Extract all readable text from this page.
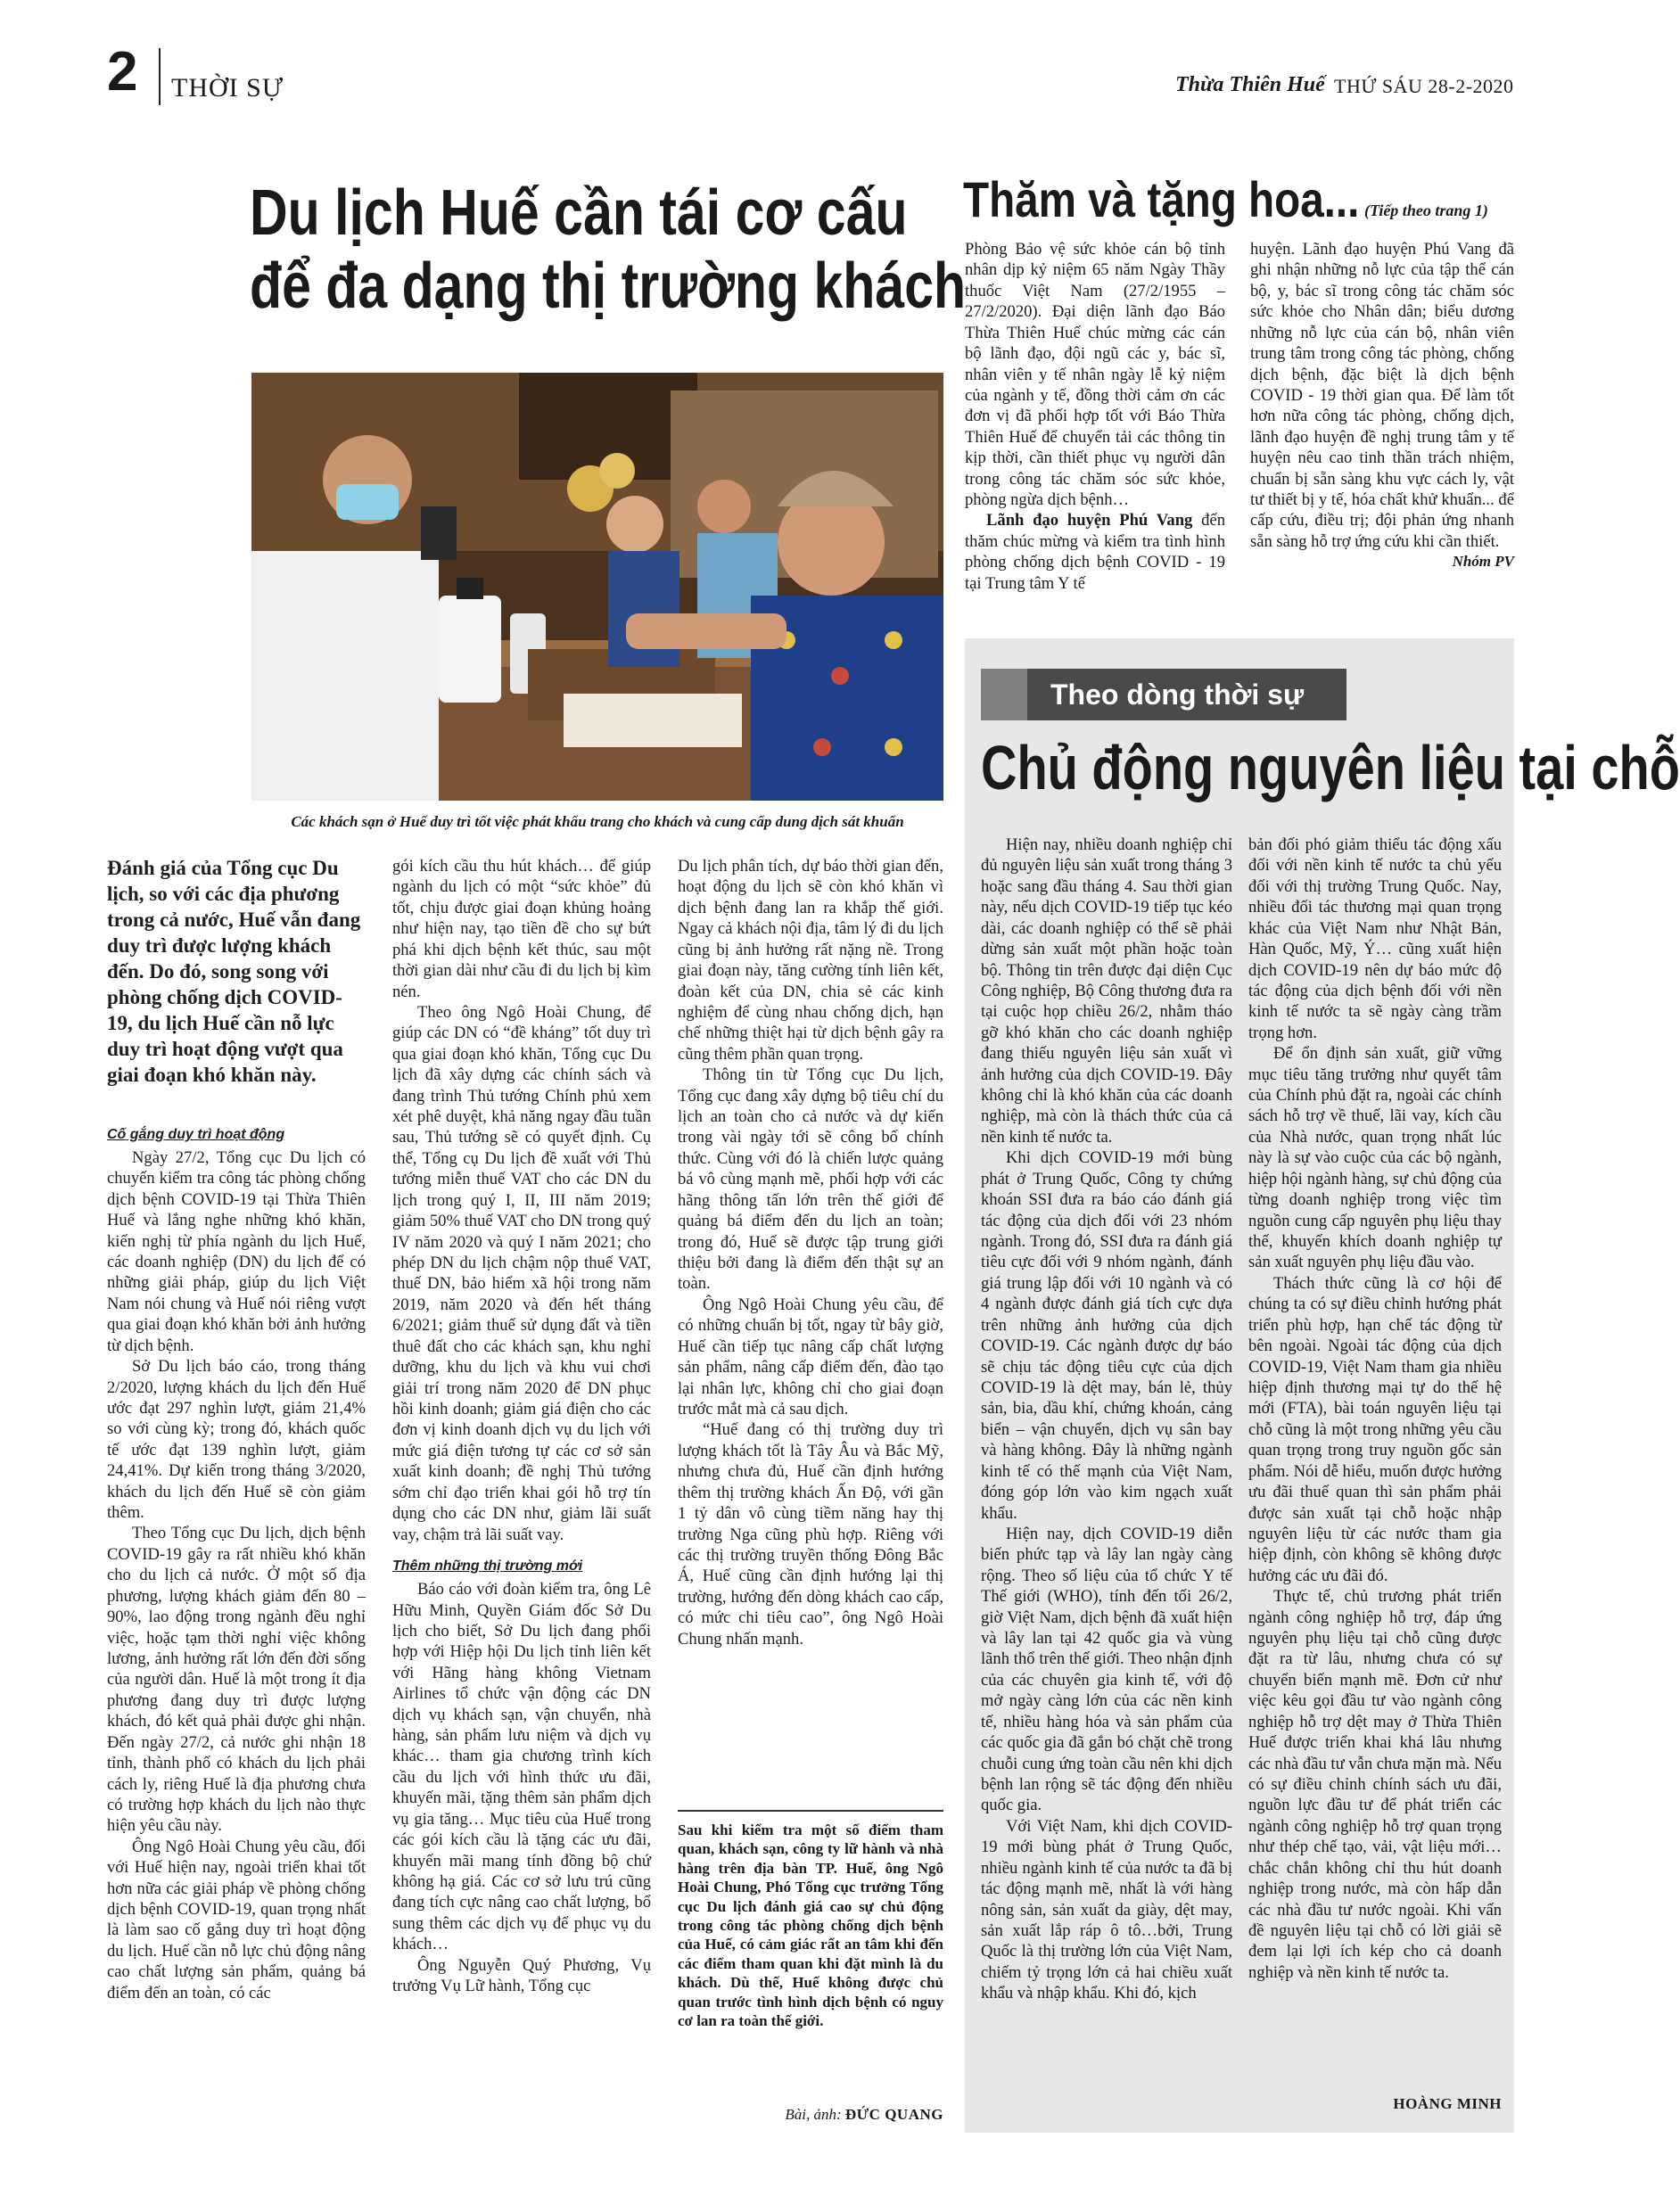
2 THỜI SỰ	Thừa Thiên Huế THỨ SÁU 28-2-2020
Du lịch Huế cần tái cơ cấu
để đa dạng thị trường khách
Các khách sạn ở Huế duy trì tốt việc phát khẩu trang cho khách và cung cấp dung dịch sát khuẩn
Đánh giá của Tổng cục Du lịch, so với các địa phương trong cả nước, Huế vẫn đang duy trì được lượng khách đến. Do đó, song song với phòng chống dịch COVID-19, du lịch Huế cần nỗ lực duy trì hoạt động vượt qua giai đoạn khó khăn này.
Cố gắng duy trì hoạt động

Ngày 27/2, Tổng cục Du lịch có chuyến kiểm tra công tác phòng chống dịch bệnh COVID-19 tại Thừa Thiên Huế và lắng nghe những khó khăn, kiến nghị từ phía ngành du lịch Huế, các doanh nghiệp (DN) du lịch để có những giải pháp, giúp du lịch Việt Nam nói chung và Huế nói riêng vượt qua giai đoạn khó khăn bởi ảnh hưởng từ dịch bệnh.

Sở Du lịch báo cáo, trong tháng 2/2020, lượng khách du lịch đến Huế ước đạt 297 nghìn lượt, giảm 21,4% so với cùng kỳ; trong đó, khách quốc tế ước đạt 139 nghìn lượt, giảm 24,41%. Dự kiến trong tháng 3/2020, khách du lịch đến Huế sẽ còn giảm thêm.

Theo Tổng cục Du lịch, dịch bệnh COVID-19 gây ra rất nhiều khó khăn cho du lịch cả nước. Ở một số địa phương, lượng khách giảm đến 80 – 90%, lao động trong ngành đều nghỉ việc, hoặc tạm thời nghỉ việc không lương, ảnh hưởng rất lớn đến đời sống của người dân. Huế là một trong ít địa phương đang duy trì được lượng khách, đó kết quả phải được ghi nhận. Đến ngày 27/2, cả nước ghi nhận 18 tỉnh, thành phố có khách du lịch phải cách ly, riêng Huế là địa phương chưa có trường hợp khách du lịch nào thực hiện yêu cầu này.

Ông Ngô Hoài Chung yêu cầu, đối với Huế hiện nay, ngoài triển khai tốt hơn nữa các giải pháp về phòng chống dịch bệnh COVID-19, quan trọng nhất là làm sao cố gắng duy trì hoạt động du lịch. Huế cần nỗ lực chủ động nâng cao chất lượng sản phẩm, quảng bá điểm đến an toàn, có các

gói kích cầu thu hút khách… để giúp ngành du lịch có một “sức khỏe” đủ tốt, chịu được giai đoạn khủng hoảng như hiện nay, tạo tiền đề cho sự bứt phá khi dịch bệnh kết thúc, sau một thời gian dài như cầu đi du lịch bị kìm nén.

Theo ông Ngô Hoài Chung, để giúp các DN có “đề kháng” tốt duy trì qua giai đoạn khó khăn, Tổng cục Du lịch đã xây dựng các chính sách và đang trình Thủ tướng Chính phủ xem xét phê duyệt, khả năng ngay đầu tuần sau, Thủ tướng sẽ có quyết định. Cụ thể, Tổng cụ Du lịch đề xuất với Thủ tướng miễn thuế VAT cho các DN du lịch trong quý I, II, III năm 2019; giảm 50% thuế VAT cho DN trong quý IV năm 2020 và quý I năm 2021; cho phép DN du lịch chậm nộp thuế VAT, thuế DN, bảo hiểm xã hội trong năm 2019, năm 2020 và đến hết tháng 6/2021; giảm thuế sử dụng đất và tiền thuê đất cho các khách sạn, khu nghỉ dưỡng, khu du lịch và khu vui chơi giải trí trong năm 2020 để DN phục hồi kinh doanh; giảm giá điện cho các đơn vị kinh doanh dịch vụ du lịch với mức giá điện tương tự các cơ sở sản xuất kinh doanh; đề nghị Thủ tướng sớm chỉ đạo triển khai gói hỗ trợ tín dụng cho các DN như, giảm lãi suất vay, chậm trả lãi suất vay.

Thêm những thị trường mới

Báo cáo với đoàn kiểm tra, ông Lê Hữu Minh, Quyền Giám đốc Sở Du lịch cho biết, Sở Du lịch đang phối hợp với Hiệp hội Du lịch tỉnh liên kết với Hãng hàng không Vietnam Airlines tổ chức vận động các DN dịch vụ khách sạn, vận chuyển, nhà hàng, sản phẩm lưu niệm và dịch vụ khác… tham gia chương trình kích cầu du lịch với hình thức ưu đãi, khuyến mãi, tặng thêm sản phẩm dịch vụ gia tăng… Mục tiêu của Huế trong các gói kích cầu là tặng các ưu đãi, khuyến mãi mang tính đồng bộ chứ không hạ giá. Các cơ sở lưu trú cũng đang tích cực nâng cao chất lượng, bổ sung thêm các dịch vụ để phục vụ du khách…

Ông Nguyễn Quý Phương, Vụ trưởng Vụ Lữ hành, Tổng cục

Du lịch phân tích, dự báo thời gian đến, hoạt động du lịch sẽ còn khó khăn vì dịch bệnh đang lan ra khắp thế giới. Ngay cả khách nội địa, tâm lý đi du lịch cũng bị ảnh hưởng rất nặng nề. Trong giai đoạn này, tăng cường tính liên kết, đoàn kết của DN, chia sẻ các kinh nghiệm để cùng nhau chống dịch, hạn chế những thiệt hại từ dịch bệnh gây ra cũng thêm phần quan trọng.

Thông tin từ Tổng cục Du lịch, Tổng cục đang xây dựng bộ tiêu chí du lịch an toàn cho cả nước và dự kiến trong vài ngày tới sẽ công bố chính thức. Cùng với đó là chiến lược quảng bá vô cùng mạnh mẽ, phối hợp với các hãng thông tấn lớn trên thế giới để quảng bá điểm đến du lịch an toàn; trong đó, Huế sẽ được tập trung giới thiệu bởi đang là điểm đến thật sự an toàn.

Ông Ngô Hoài Chung yêu cầu, để có những chuẩn bị tốt, ngay từ bây giờ, Huế cần tiếp tục nâng cấp chất lượng sản phẩm, nâng cấp điểm đến, đào tạo lại nhân lực, không chỉ cho giai đoạn trước mắt mà cả sau dịch.

“Huế đang có thị trường duy trì lượng khách tốt là Tây Âu và Bắc Mỹ, nhưng chưa đủ, Huế cần định hướng thêm thị trường khách Ấn Độ, với gần 1 tỷ dân vô cùng tiềm năng hay thị trường Nga cũng phù hợp. Riêng với các thị trường truyền thống Đông Bắc Á, Huế cũng cần định hướng lại thị trường, hướng đến dòng khách cao cấp, có mức chi tiêu cao”, ông Ngô Hoài Chung nhấn mạnh.

Sau khi kiểm tra một số điểm tham quan, khách sạn, công ty lữ hành và nhà hàng trên địa bàn TP. Huế, ông Ngô Hoài Chung, Phó Tổng cục trưởng Tổng cục Du lịch đánh giá cao sự chủ động trong công tác phòng chống dịch bệnh của Huế, có cảm giác rất an tâm khi đến các điểm tham quan khi đặt mình là du khách. Dù thế, Huế không được chủ quan trước tình hình dịch bệnh có nguy cơ lan ra toàn thế giới.
Bài, ảnh: ĐỨC QUANG
Thăm và tặng hoa... (Tiếp theo trang 1)

Phòng Bảo vệ sức khỏe cán bộ tỉnh nhân dịp kỷ niệm 65 năm Ngày Thầy thuốc Việt Nam (27/2/1955 – 27/2/2020). Đại diện lãnh đạo Báo Thừa Thiên Huế chúc mừng các cán bộ lãnh đạo, đội ngũ các y, bác sĩ, nhân viên y tế nhân ngày lễ kỷ niệm của ngành y tế, đồng thời cảm ơn các đơn vị đã phối hợp tốt với Báo Thừa Thiên Huế để chuyển tải các thông tin kịp thời, cần thiết phục vụ người dân trong công tác chăm sóc sức khỏe, phòng ngừa dịch bệnh…

Lãnh đạo huyện Phú Vang đến thăm chúc mừng và kiểm tra tình hình phòng chống dịch bệnh COVID - 19 tại Trung tâm Y tế

huyện. Lãnh đạo huyện Phú Vang đã ghi nhận những nỗ lực của tập thể cán bộ, y, bác sĩ trong công tác chăm sóc sức khỏe cho Nhân dân; biểu dương những nỗ lực của cán bộ, nhân viên trung tâm trong công tác phòng, chống dịch bệnh, đặc biệt là dịch bệnh COVID - 19 thời gian qua. Để làm tốt hơn nữa công tác phòng, chống dịch, lãnh đạo huyện đề nghị trung tâm y tế huyện nêu cao tinh thần trách nhiệm, chuẩn bị sẵn sàng khu vực cách ly, vật tư thiết bị y tế, hóa chất khử khuẩn... để cấp cứu, điều trị; đội phản ứng nhanh sẵn sàng hỗ trợ ứng cứu khi cần thiết.

Nhóm PV
Theo dòng thời sự
Chủ động nguyên liệu tại chỗ

Hiện nay, nhiều doanh nghiệp chỉ đủ nguyên liệu sản xuất trong tháng 3 hoặc sang đầu tháng 4. Sau thời gian này, nếu dịch COVID-19 tiếp tục kéo dài, các doanh nghiệp có thể sẽ phải dừng sản xuất một phần hoặc toàn bộ. Thông tin trên được đại diện Cục Công nghiệp, Bộ Công thương đưa ra tại cuộc họp chiều 26/2, nhằm tháo gỡ khó khăn cho các doanh nghiệp đang thiếu nguyên liệu sản xuất vì ảnh hưởng của dịch COVID-19. Đây không chỉ là khó khăn của các doanh nghiệp, mà còn là thách thức của cả nền kinh tế nước ta.

Khi dịch COVID-19 mới bùng phát ở Trung Quốc, Công ty chứng khoán SSI đưa ra báo cáo đánh giá tác động của dịch đối với 23 nhóm ngành. Trong đó, SSI đưa ra đánh giá tiêu cực đối với 9 nhóm ngành, đánh giá trung lập đối với 10 ngành và có 4 ngành được đánh giá tích cực dựa trên những ảnh hưởng của dịch COVID-19. Các ngành được dự báo sẽ chịu tác động tiêu cực của dịch COVID-19 là dệt may, bán lẻ, thủy sản, bia, dầu khí, chứng khoán, cảng biển – vận chuyển, dịch vụ sân bay và hàng không. Đây là những ngành kinh tế có thế mạnh của Việt Nam, đóng góp lớn vào kim ngạch xuất khẩu.

Hiện nay, dịch COVID-19 diễn biến phức tạp và lây lan ngày càng rộng. Theo số liệu của tổ chức Y tế Thế giới (WHO), tính đến tối 26/2, giờ Việt Nam, dịch bệnh đã xuất hiện và lây lan tại 42 quốc gia và vùng lãnh thổ trên thế giới. Theo nhận định của các chuyên gia kinh tế, với độ mở ngày càng lớn của các nền kinh tế, nhiều hàng hóa và sản phẩm của các quốc gia đã gắn bó chặt chẽ trong chuỗi cung ứng toàn cầu nên khi dịch bệnh lan rộng sẽ tác động đến nhiều quốc gia.

Với Việt Nam, khi dịch COVID-19 mới bùng phát ở Trung Quốc, nhiều ngành kinh tế của nước ta đã bị tác động mạnh mẽ, nhất là với hàng nông sản, sản xuất da giày, dệt may, sản xuất lắp ráp ô tô…bởi, Trung Quốc là thị trường lớn của Việt Nam, chiếm tỷ trọng lớn cả hai chiều xuất khẩu và nhập khẩu. Khi đó, kịch

bản đối phó giảm thiểu tác động xấu đối với nền kinh tế nước ta chủ yếu đối với thị trường Trung Quốc. Nay, nhiều đối tác thương mại quan trọng khác của Việt Nam như Nhật Bản, Hàn Quốc, Mỹ, Ý… cũng xuất hiện dịch COVID-19 nên dự báo mức độ tác động của dịch bệnh đối với nền kinh tế nước ta sẽ ngày càng trầm trọng hơn.

Để ổn định sản xuất, giữ vững mục tiêu tăng trưởng như quyết tâm của Chính phủ đặt ra, ngoài các chính sách hỗ trợ về thuế, lãi vay, kích cầu của Nhà nước, quan trọng nhất lúc này là sự vào cuộc của các bộ ngành, hiệp hội ngành hàng, sự chủ động của từng doanh nghiệp trong việc tìm nguồn cung cấp nguyên phụ liệu thay thế, khuyến khích doanh nghiệp tự sản xuất nguyên phụ liệu đầu vào.

Thách thức cũng là cơ hội để chúng ta có sự điều chỉnh hướng phát triển phù hợp, hạn chế tác động từ bên ngoài. Ngoài tác động của dịch COVID-19, Việt Nam tham gia nhiều hiệp định thương mại tự do thế hệ mới (FTA), bài toán nguyên liệu tại chỗ cũng là một trong những yêu cầu quan trọng trong truy nguồn gốc sản phẩm. Nói dễ hiểu, muốn được hưởng ưu đãi thuế quan thì sản phẩm phải được sản xuất tại chỗ hoặc nhập nguyên liệu từ các nước tham gia hiệp định, còn không sẽ không được hưởng các ưu đãi đó.

Thực tế, chủ trương phát triển ngành công nghiệp hỗ trợ, đáp ứng nguyên phụ liệu tại chỗ cũng được đặt ra từ lâu, nhưng chưa có sự chuyển biến mạnh mẽ. Đơn cử như việc kêu gọi đầu tư vào ngành công nghiệp hỗ trợ dệt may ở Thừa Thiên Huế được triển khai khá lâu nhưng các nhà đầu tư vẫn chưa mặn mà. Nếu có sự điều chỉnh chính sách ưu đãi, nguồn lực đầu tư để phát triển các ngành công nghiệp hỗ trợ quan trọng như thép chế tạo, vải, vật liệu mới… chắc chắn không chỉ thu hút doanh nghiệp trong nước, mà còn hấp dẫn các nhà đầu tư nước ngoài. Khi vấn đề nguyên liệu tại chỗ có lời giải sẽ đem lại lợi ích kép cho cả doanh nghiệp và nền kinh tế nước ta.

HOÀNG MINH
